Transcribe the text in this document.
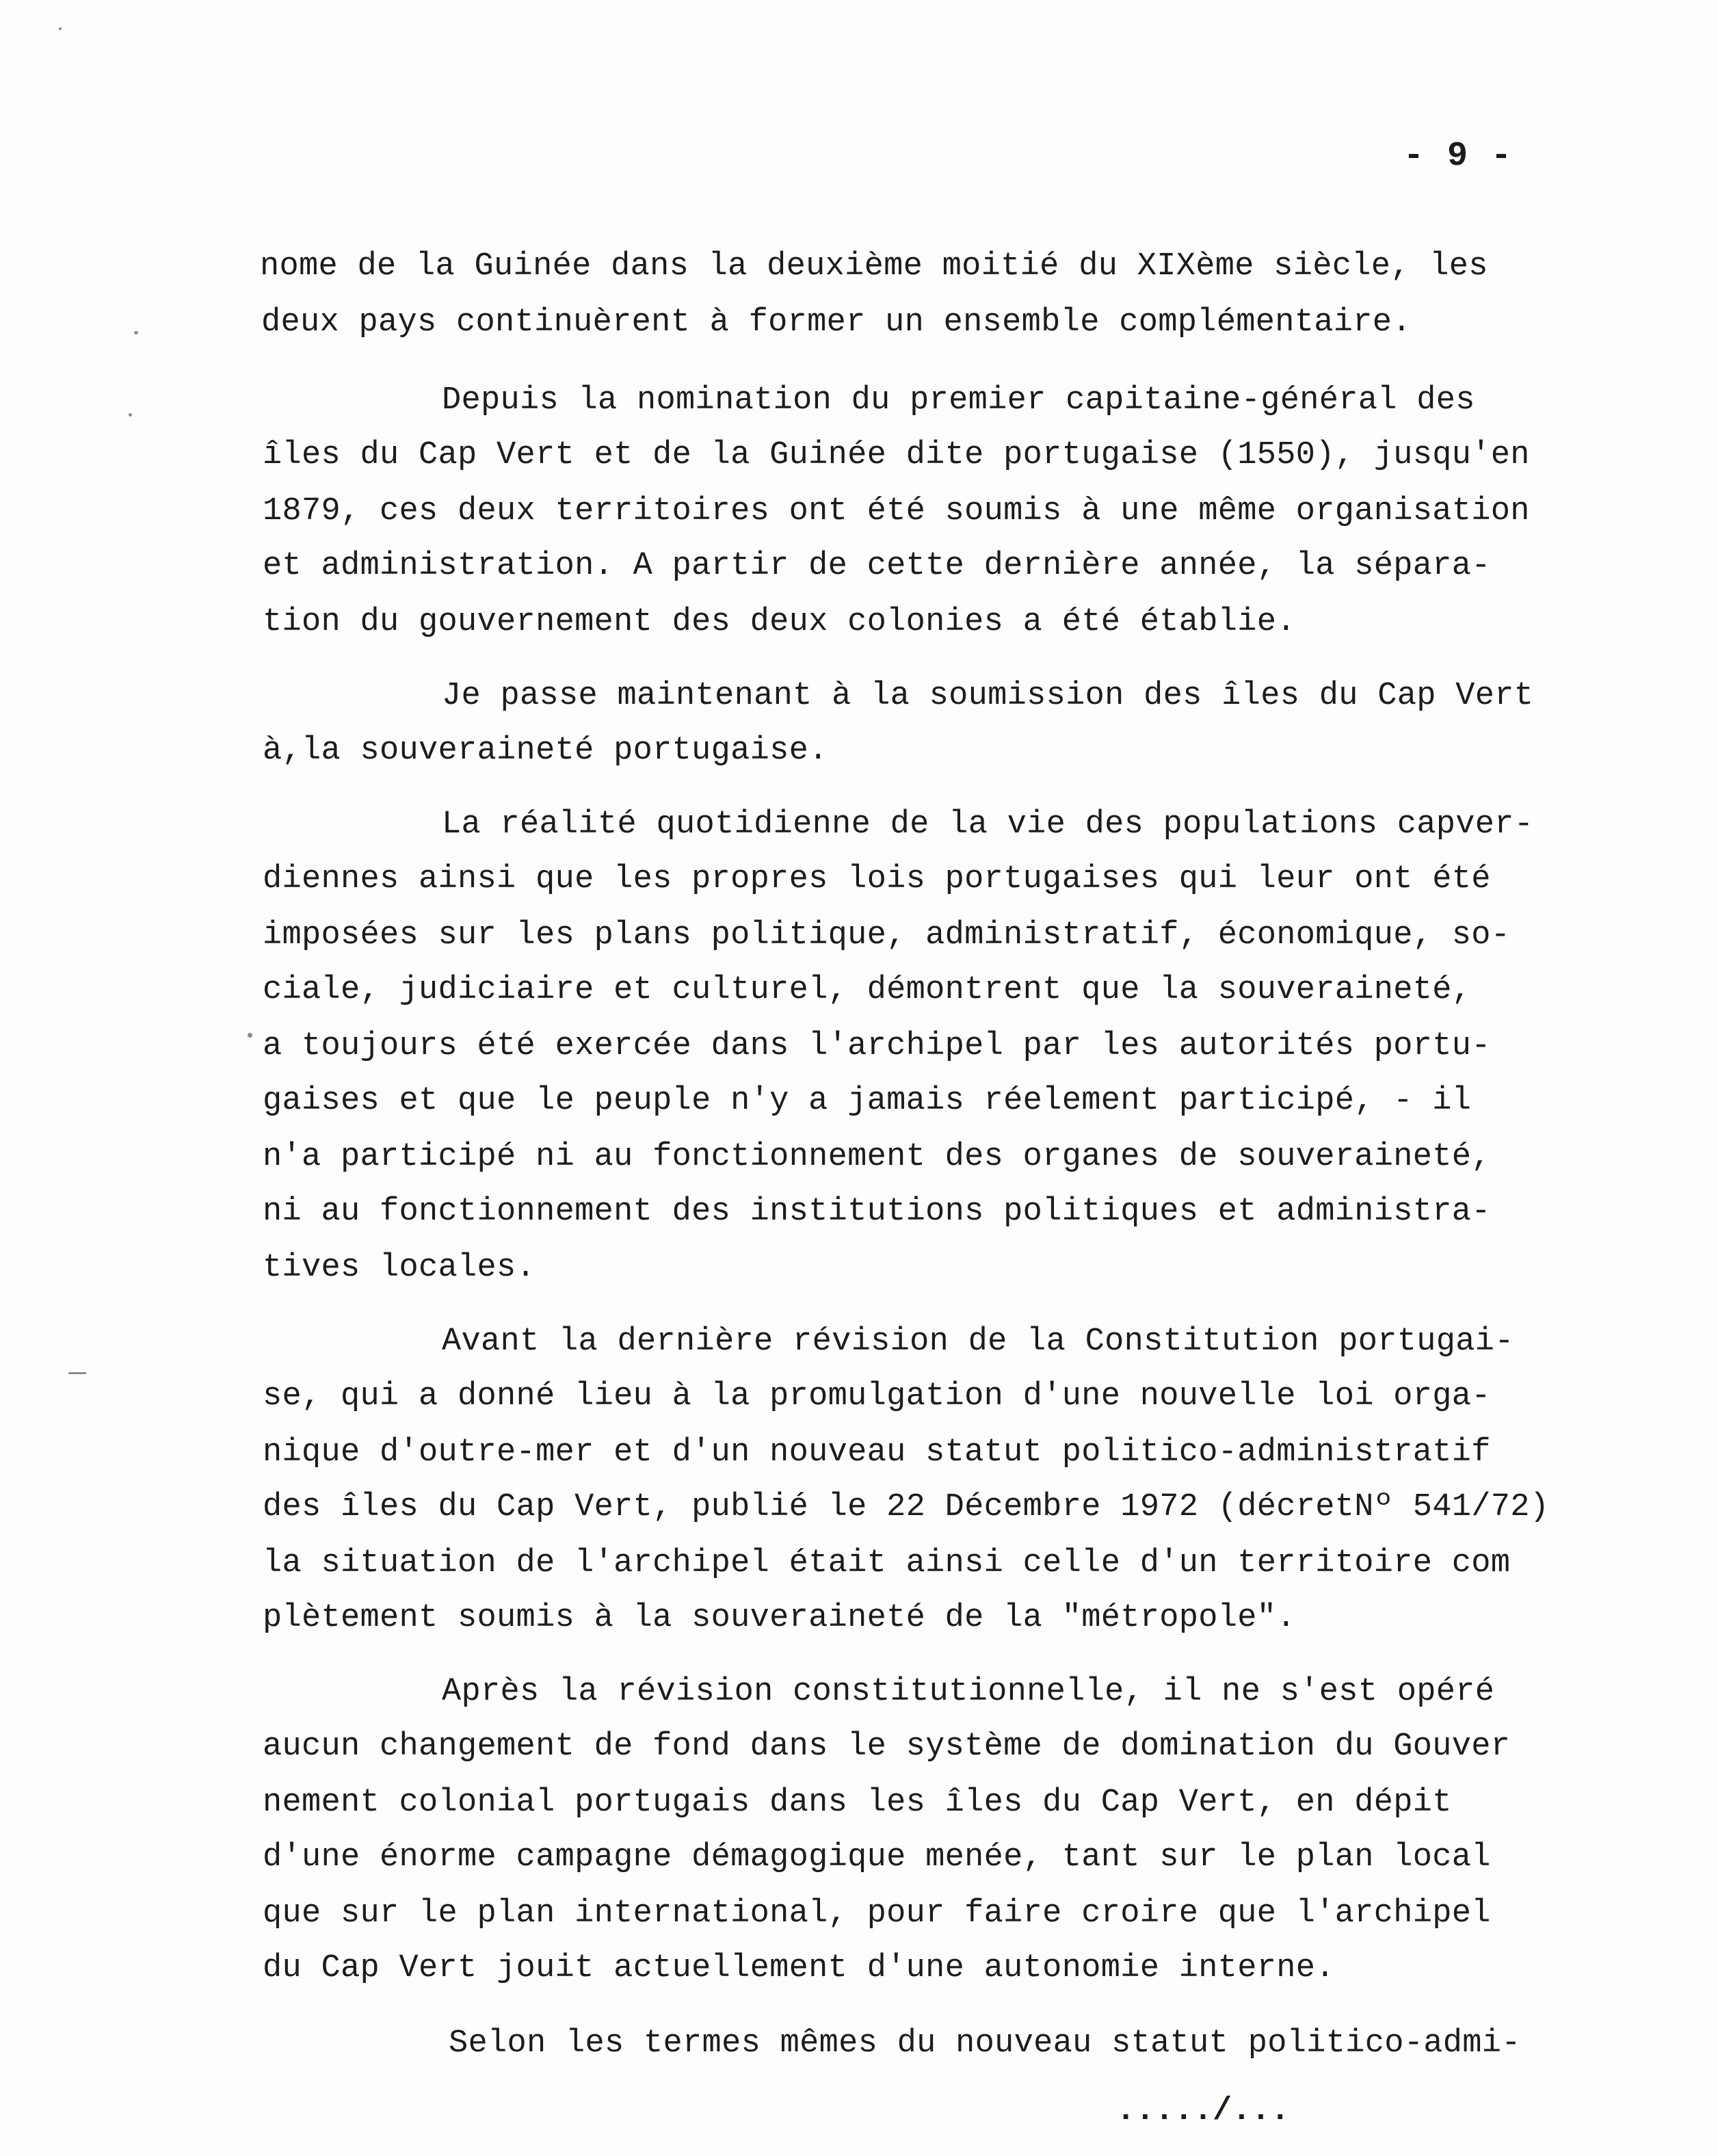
- 9 -
nome de la Guinée dans la deuxième moitié du XIXème siècle, les
deux pays continuèrent à former un ensemble complémentaire.
Depuis la nomination du premier capitaine-général des
îles du Cap Vert et de la Guinée dite portugaise (1550), jusqu'en
1879, ces deux territoires ont été soumis à une même organisation
et administration. A partir de cette dernière année, la sépara-
tion du gouvernement des deux colonies a été établie.
Je passe maintenant à la soumission des îles du Cap Vert
à,la souveraineté portugaise.
La réalité quotidienne de la vie des populations capver-
diennes ainsi que les propres lois portugaises qui leur ont été
imposées sur les plans politique, administratif, économique, so-
ciale, judiciaire et culturel, démontrent que la souveraineté,
a toujours été exercée dans l'archipel par les autorités portu-
gaises et que le peuple n'y a jamais réelement participé, - il
n'a participé ni au fonctionnement des organes de souveraineté,
ni au fonctionnement des institutions politiques et administra-
tives locales.
Avant la dernière révision de la Constitution portugai-
se, qui a donné lieu à la promulgation d'une nouvelle loi orga-
nique d'outre-mer et d'un nouveau statut politico-administratif
des îles du Cap Vert, publié le 22 Décembre 1972 (décretNº 541/72)
la situation de l'archipel était ainsi celle d'un territoire com
plètement soumis à la souveraineté de la "métropole".
Après la révision constitutionnelle, il ne s'est opéré
aucun changement de fond dans le système de domination du Gouver
nement colonial portugais dans les îles du Cap Vert, en dépit
d'une énorme campagne démagogique menée, tant sur le plan local
que sur le plan international, pour faire croire que l'archipel
du Cap Vert jouit actuellement d'une autonomie interne.
Selon les termes mêmes du nouveau statut politico-admi-
...../...
